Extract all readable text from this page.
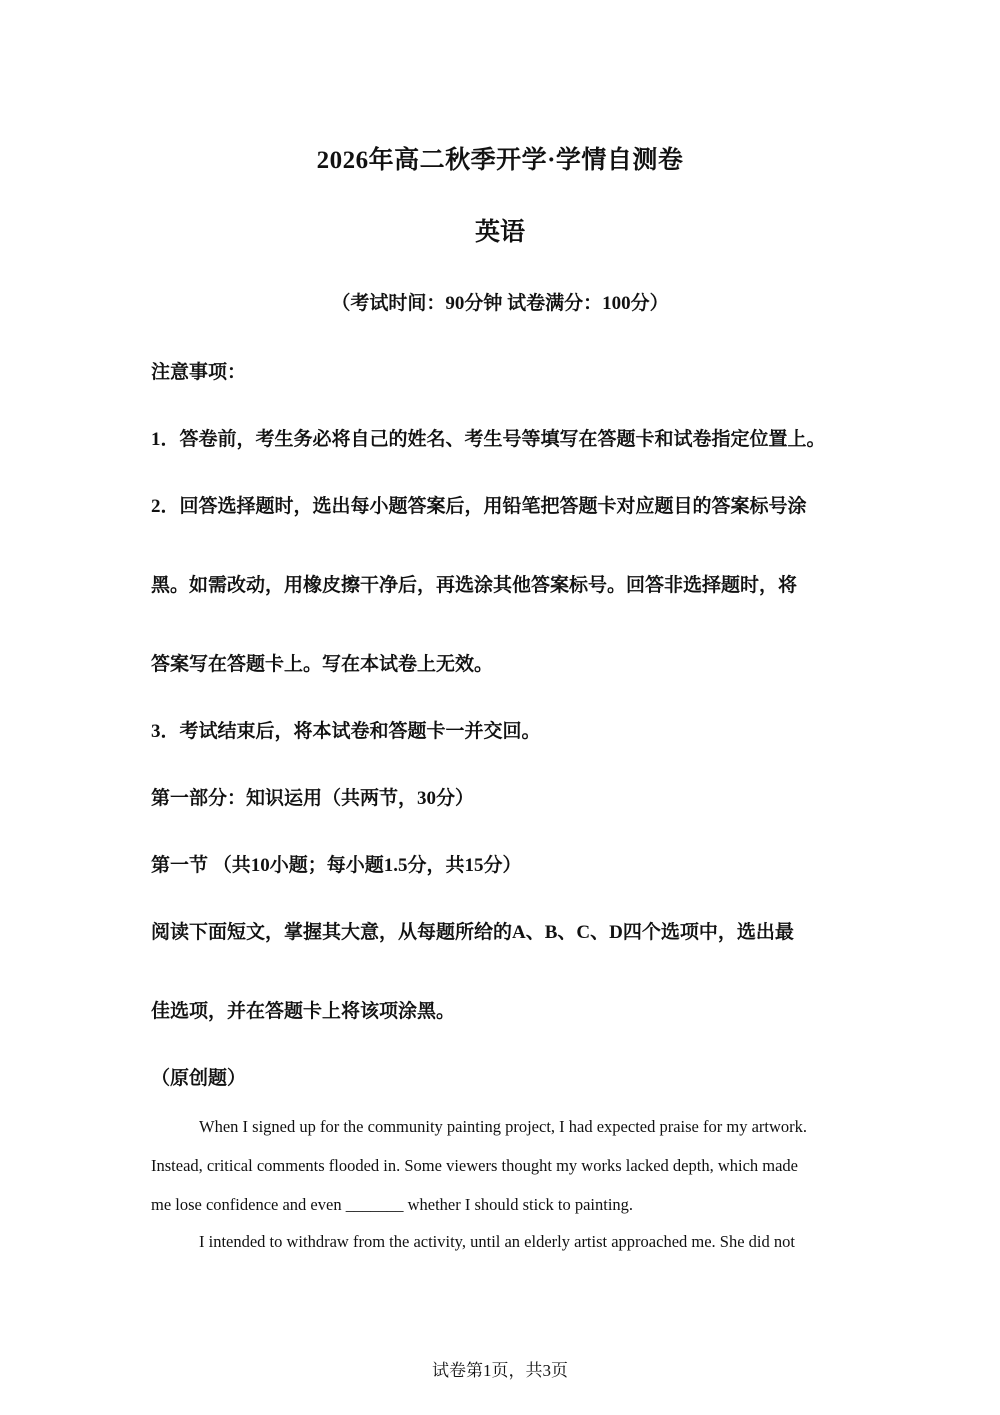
2026年高二秋季开学·学情自测卷
英语
（考试时间：90分钟 试卷满分：100分）
注意事项：
1．答卷前，考生务必将自己的姓名、考生号等填写在答题卡和试卷指定位置上。
2．回答选择题时，选出每小题答案后，用铅笔把答题卡对应题目的答案标号涂
黑。如需改动，用橡皮擦干净后，再选涂其他答案标号。回答非选择题时，将
答案写在答题卡上。写在本试卷上无效。
3．考试结束后，将本试卷和答题卡一并交回。
第一部分：知识运用（共两节，30分）
第一节 （共10小题；每小题1.5分，共15分）
阅读下面短文，掌握其大意，从每题所给的A、B、C、D四个选项中，选出最
佳选项，并在答题卡上将该项涂黑。
（原创题）
When I signed up for the community painting project, I had expected praise for my artwork.
Instead, critical comments flooded in. Some viewers thought my works lacked depth, which made
me lose confidence and even _______ whether I should stick to painting.
I intended to withdraw from the activity, until an elderly artist approached me. She did not
试卷第1页，共3页
